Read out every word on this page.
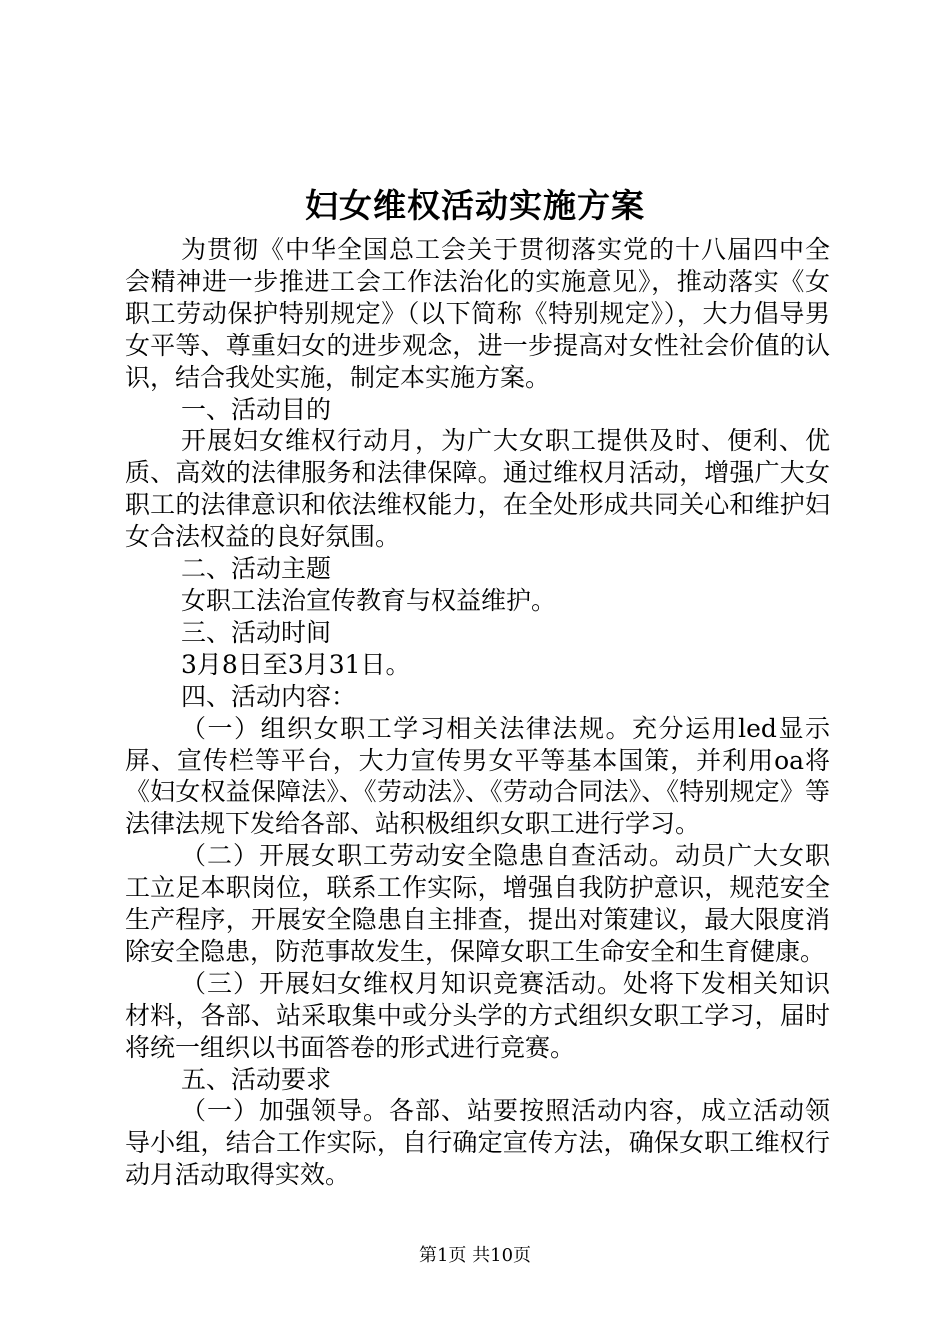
妇女维权活动实施方案

为贯彻《中华全国总工会关于贯彻落实党的十八届四中全会精神进一步推进工会工作法治化的实施意见》，推动落实《女职工劳动保护特别规定》（以下简称《特别规定》），大力倡导男女平等、尊重妇女的进步观念，进一步提高对女性社会价值的认识，结合我处实施，制定本实施方案。

一、活动目的

开展妇女维权行动月，为广大女职工提供及时、便利、优质、高效的法律服务和法律保障。通过维权月活动，增强广大女职工的法律意识和依法维权能力，在全处形成共同关心和维护妇女合法权益的良好氛围。

二、活动主题

女职工法治宣传教育与权益维护。

三、活动时间

3月8日至3月31日。

四、活动内容：

（一）组织女职工学习相关法律法规。充分运用led显示屏、宣传栏等平台，大力宣传男女平等基本国策，并利用oa将《妇女权益保障法》、《劳动法》、《劳动合同法》、《特别规定》等法律法规下发给各部、站积极组织女职工进行学习。

（二）开展女职工劳动安全隐患自查活动。动员广大女职工立足本职岗位，联系工作实际，增强自我防护意识，规范安全生产程序，开展安全隐患自主排查，提出对策建议，最大限度消除安全隐患，防范事故发生，保障女职工生命安全和生育健康。

（三）开展妇女维权月知识竞赛活动。处将下发相关知识材料，各部、站采取集中或分头学的方式组织女职工学习，届时将统一组织以书面答卷的形式进行竞赛。

五、活动要求

（一）加强领导。各部、站要按照活动内容，成立活动领导小组，结合工作实际，自行确定宣传方法，确保女职工维权行动月活动取得实效。

第1页 共10页
